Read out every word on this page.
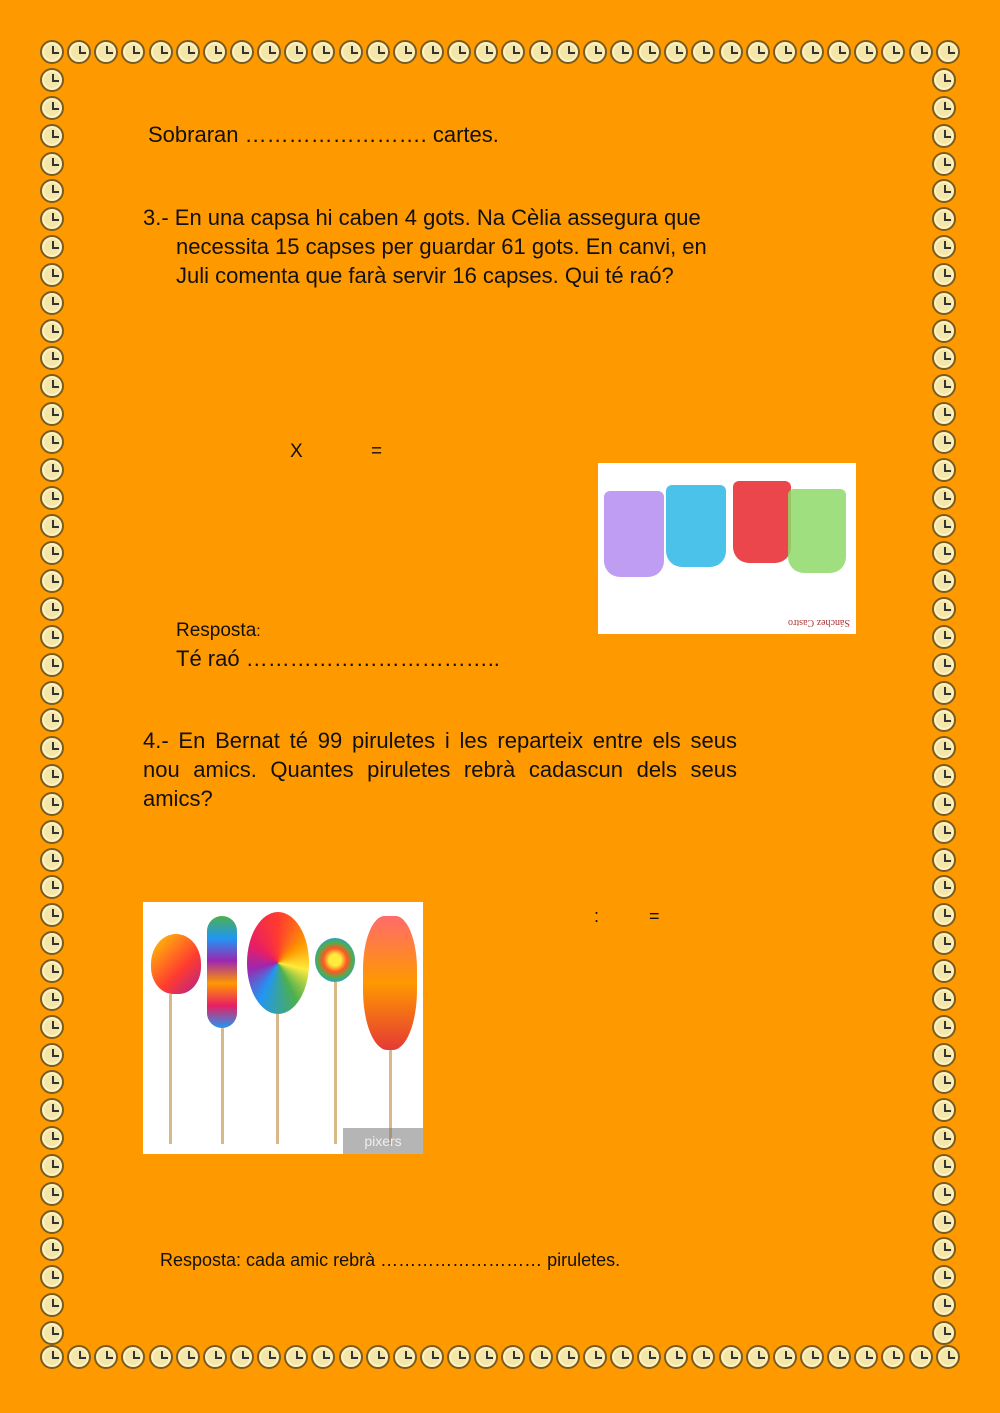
Sobraran ……………………. cartes.
3.- En una capsa hi caben 4 gots. Na Cèlia assegura que
necessita 15 capses per guardar 61 gots. En canvi, en
Juli comenta que farà servir 16 capses. Qui té raó?
X	=
Sánchez Castro
Resposta:
Té raó ……………………………..
4.- En Bernat té 99 piruletes i les reparteix entre els seus nou amics. Quantes piruletes rebrà cadascun dels seus amics?
:	=
pixers
Resposta: cada amic rebrà ……………………… piruletes.
